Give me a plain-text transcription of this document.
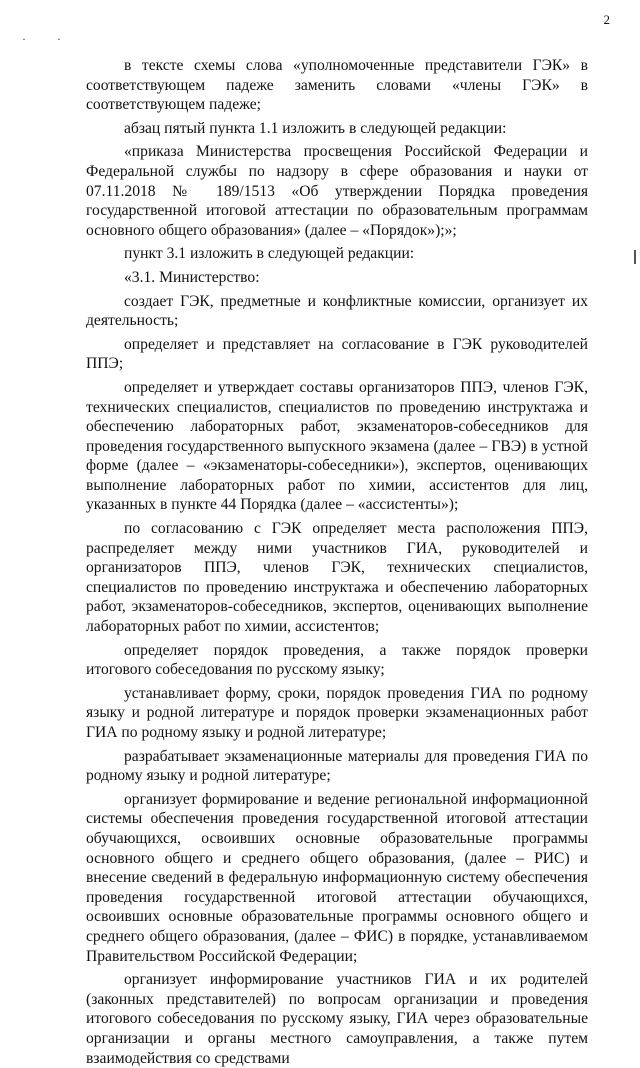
2
· ·

в тексте схемы слова «уполномоченные представители ГЭК» в соответствующем падеже заменить словами «члены ГЭК» в соответствующем падеже;

абзац пятый пункта 1.1 изложить в следующей редакции:

«приказа Министерства просвещения Российской Федерации и Федеральной службы по надзору в сфере образования и науки от 07.11.2018 № 189/1513 «Об утверждении Порядка проведения государственной итоговой аттестации по образовательным программам основного общего образования» (далее – «Порядок»);»;

пункт 3.1 изложить в следующей редакции:

«3.1. Министерство:

создает ГЭК, предметные и конфликтные комиссии, организует их деятельность;

определяет и представляет на согласование в ГЭК руководителей ППЭ;

определяет и утверждает составы организаторов ППЭ, членов ГЭК, технических специалистов, специалистов по проведению инструктажа и обеспечению лабораторных работ, экзаменаторов-собеседников для проведения государственного выпускного экзамена (далее – ГВЭ) в устной форме (далее – «экзаменаторы-собеседники»), экспертов, оценивающих выполнение лабораторных работ по химии, ассистентов для лиц, указанных в пункте 44 Порядка (далее – «ассистенты»);

по согласованию с ГЭК определяет места расположения ППЭ, распределяет между ними участников ГИА, руководителей и организаторов ППЭ, членов ГЭК, технических специалистов, специалистов по проведению инструктажа и обеспечению лабораторных работ, экзаменаторов-собеседников, экспертов, оценивающих выполнение лабораторных работ по химии, ассистентов;

определяет порядок проведения, а также порядок проверки итогового собеседования по русскому языку;

устанавливает форму, сроки, порядок проведения ГИА по родному языку и родной литературе и порядок проверки экзаменационных работ ГИА по родному языку и родной литературе;

разрабатывает экзаменационные материалы для проведения ГИА по родному языку и родной литературе;

организует формирование и ведение региональной информационной системы обеспечения проведения государственной итоговой аттестации обучающихся, освоивших основные образовательные программы основного общего и среднего общего образования, (далее – РИС) и внесение сведений в федеральную информационную систему обеспечения проведения государственной итоговой аттестации обучающихся, освоивших основные образовательные программы основного общего и среднего общего образования, (далее – ФИС) в порядке, устанавливаемом Правительством Российской Федерации;

организует информирование участников ГИА и их родителей (законных представителей) по вопросам организации и проведения итогового собеседования по русскому языку, ГИА через образовательные организации и органы местного самоуправления, а также путем взаимодействия со средствами
